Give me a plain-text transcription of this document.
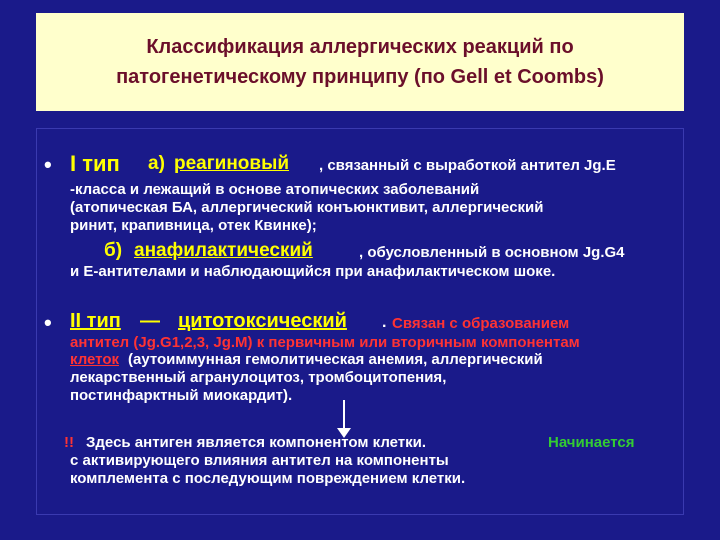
Классификация аллергических реакций по
патогенетическому принципу (по Gell et Coombs)
• I тип а) реагиновый , связанный с выработкой антител Jg.E
-класса и лежащий в основе атопических заболеваний
(атопическая БА, аллергический конъюнктивит, аллергический
ринит, крапивница, отек Квинке);
б) анафилактический	, обусловленный в основном Jg.G4
и Е-антителами и наблюдающийся при анафилактическом шоке.
• II тип — цитотоксический . Связан с образованием
антител (Jg.G1,2,3, Jg.M) к первичным или вторичным компонентам
клеток (аутоиммунная гемолитическая анемия, аллергический
лекарственный агранулоцитоз, тромбоцитопения,
постинфарктный миокардит).
!! Здесь антиген является компонентом клетки.	Начинается
с активирующего влияния антител на компоненты
комплемента с последующим повреждением клетки.
